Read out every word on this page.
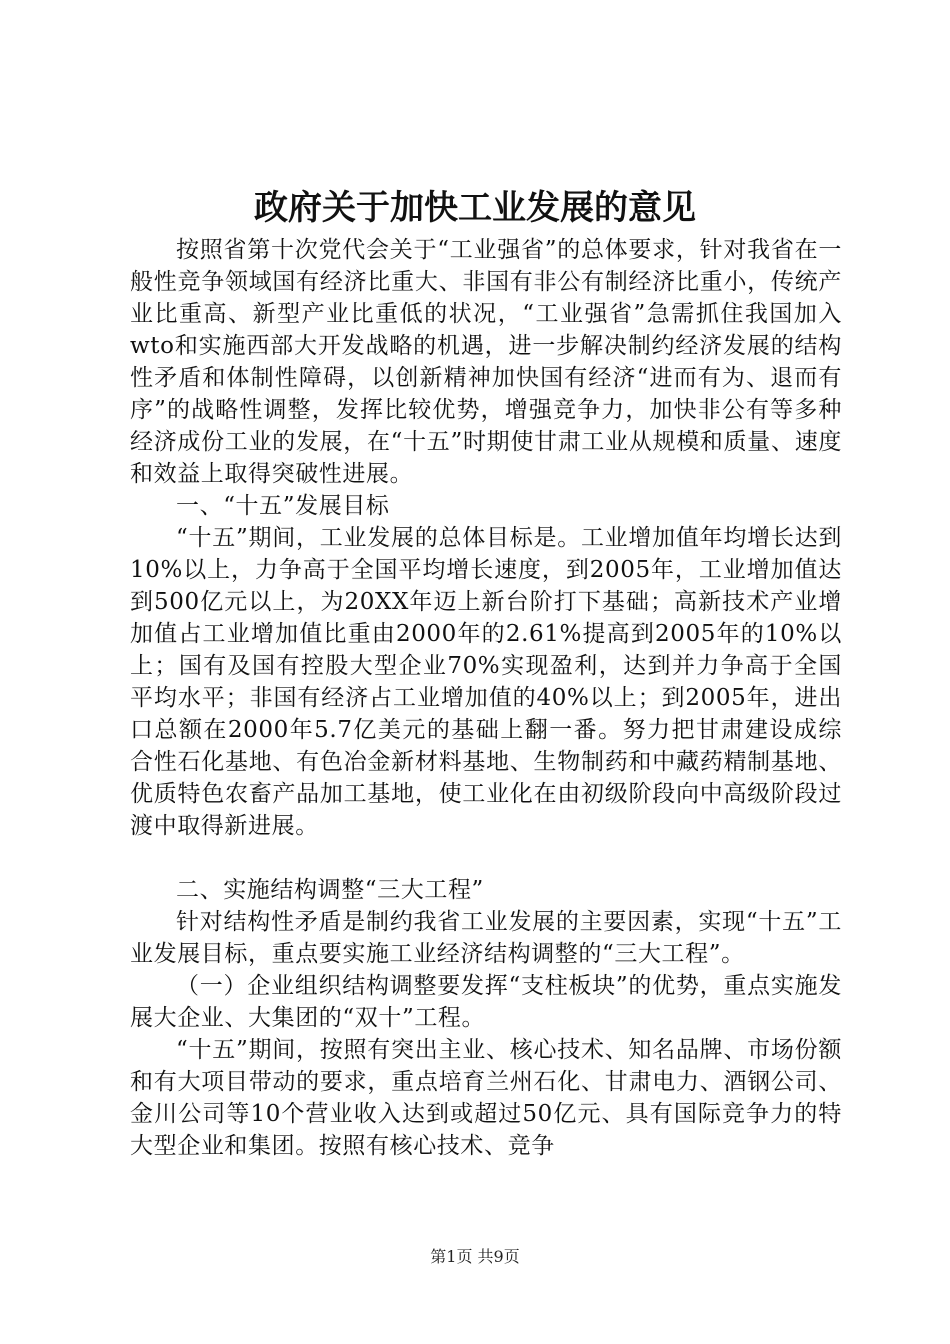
政府关于加快工业发展的意见

按照省第十次党代会关于“工业强省”的总体要求，针对我省在一般性竞争领域国有经济比重大、非国有非公有制经济比重小，传统产业比重高、新型产业比重低的状况，“工业强省”急需抓住我国加入wto和实施西部大开发战略的机遇，进一步解决制约经济发展的结构性矛盾和体制性障碍，以创新精神加快国有经济“进而有为、退而有序”的战略性调整，发挥比较优势，增强竞争力，加快非公有等多种经济成份工业的发展，在“十五”时期使甘肃工业从规模和质量、速度和效益上取得突破性进展。

一、“十五”发展目标

“十五”期间，工业发展的总体目标是。工业增加值年均增长达到10%以上，力争高于全国平均增长速度，到2005年，工业增加值达到500亿元以上，为20XX年迈上新台阶打下基础；高新技术产业增加值占工业增加值比重由2000年的2.61%提高到2005年的10%以上；国有及国有控股大型企业70%实现盈利，达到并力争高于全国平均水平；非国有经济占工业增加值的40%以上；到2005年，进出口总额在2000年5.7亿美元的基础上翻一番。努力把甘肃建设成综合性石化基地、有色冶金新材料基地、生物制药和中藏药精制基地、优质特色农畜产品加工基地，使工业化在由初级阶段向中高级阶段过渡中取得新进展。

二、实施结构调整“三大工程”

针对结构性矛盾是制约我省工业发展的主要因素，实现“十五”工业发展目标，重点要实施工业经济结构调整的“三大工程”。

（一）企业组织结构调整要发挥“支柱板块”的优势，重点实施发展大企业、大集团的“双十”工程。

“十五”期间，按照有突出主业、核心技术、知名品牌、市场份额和有大项目带动的要求，重点培育兰州石化、甘肃电力、酒钢公司、金川公司等10个营业收入达到或超过50亿元、具有国际竞争力的特大型企业和集团。按照有核心技术、竞争

第1页 共9页
